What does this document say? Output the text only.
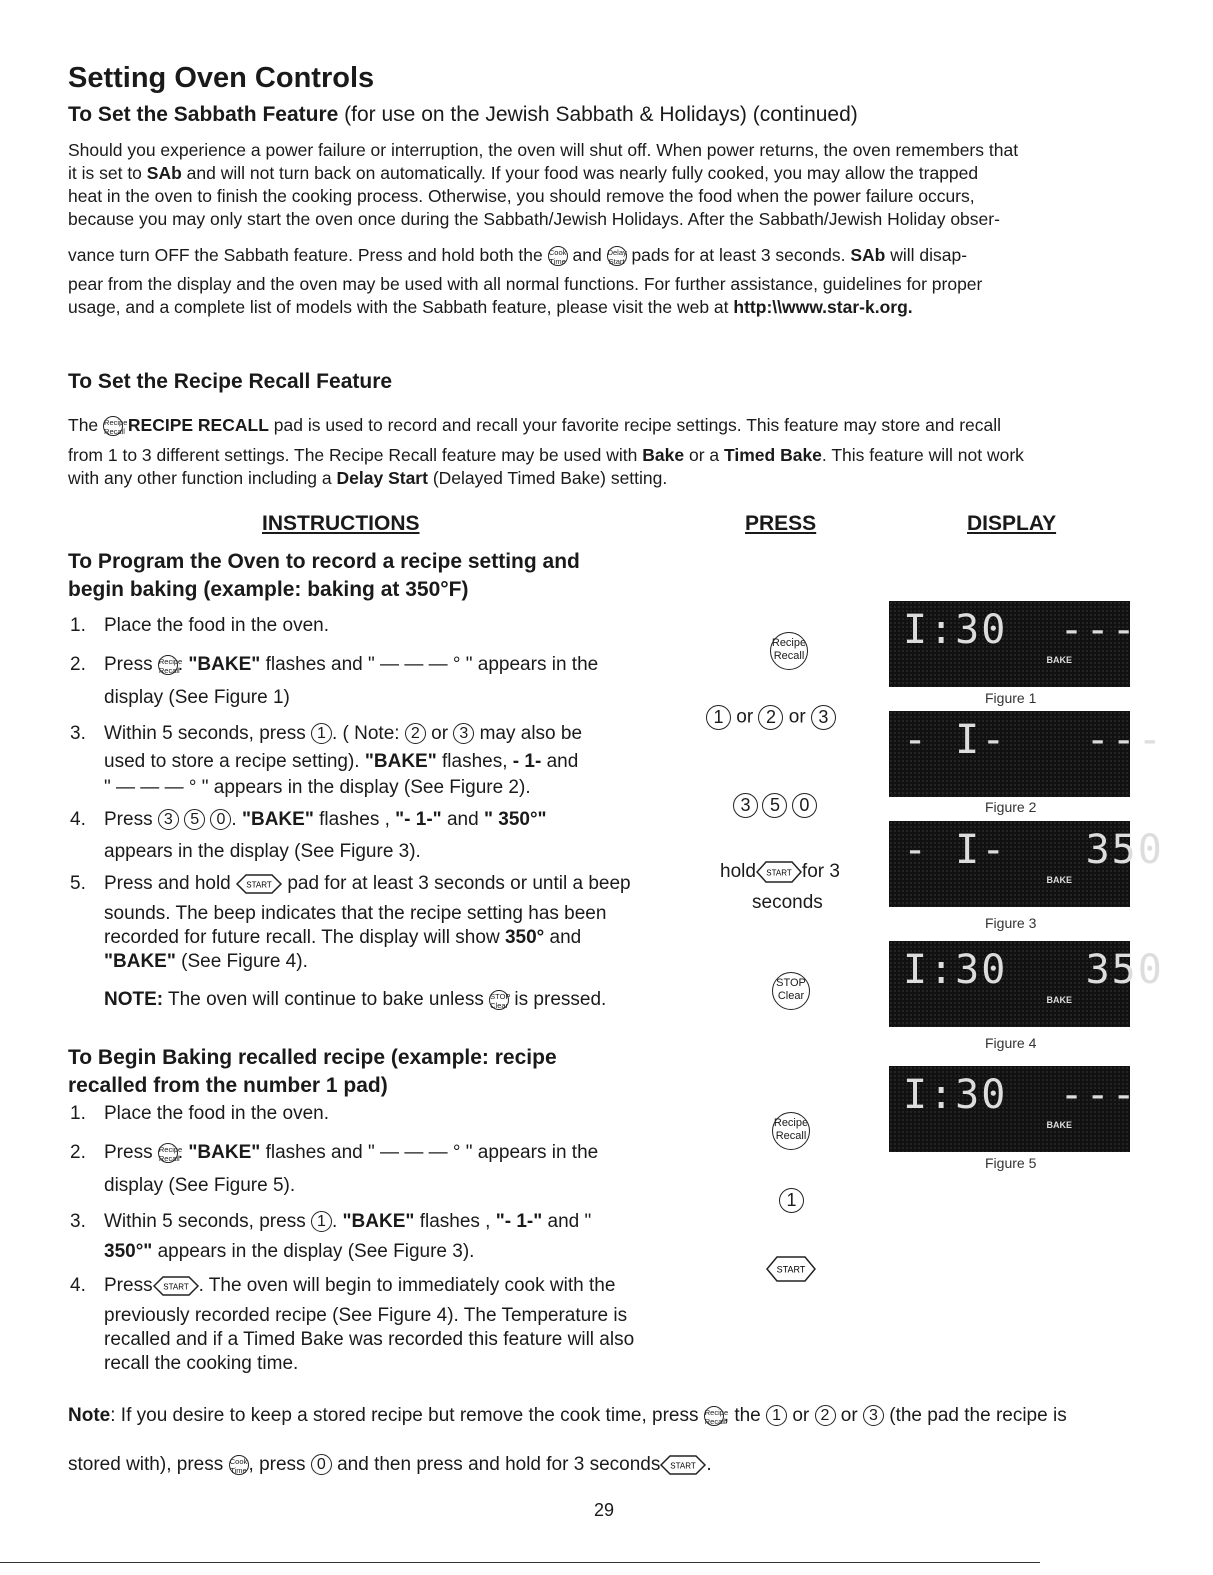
Setting Oven Controls
To Set the Sabbath Feature (for use on the Jewish Sabbath & Holidays) (continued)
Should you experience a power failure or interruption, the oven will shut off. When power returns, the oven remembers that
it is set to SAb and will not turn back on automatically. If your food was nearly fully cooked, you may allow the trapped
heat in the oven to finish the cooking process. Otherwise, you should remove the food when the power failure occurs,
because you may only start the oven once during the Sabbath/Jewish Holidays. After the Sabbath/Jewish Holiday obser-
vance turn OFF the Sabbath feature. Press and hold both the Cook
Time and Delay
Start pads for at least 3 seconds. SAb will disap-
pear from the display and the oven may be used with all normal functions. For further assistance, guidelines for proper
usage, and a complete list of models with the Sabbath feature, please visit the web at http:\\www.star-k.org.
To Set the Recipe Recall Feature
The Recipe
Recall RECIPE RECALL pad is used to record and recall your favorite recipe settings. This feature may store and recall
from 1 to 3 different settings. The Recipe Recall feature may be used with Bake or a Timed Bake. This feature will not work
with any other function including a Delay Start (Delayed Timed Bake) setting.
INSTRUCTIONS	PRESS	DISPLAY
To Program the Oven to record a recipe setting and
begin baking (example: baking at 350°F)
1. Place the food in the oven.
2. Press Recipe
Recall. "BAKE" flashes and " — — — ° " appears in the
display (See Figure 1)
3. Within 5 seconds, press 1 . ( Note: 2 or 3 may also be
used to store a recipe setting). "BAKE" flashes, - 1- and
" — — — ° " appears in the display (See Figure 2).
4. Press 3 5 0 . "BAKE" flashes , "- 1-" and " 350°"
appears in the display (See Figure 3).
5. Press and hold START pad for at least 3 seconds or until a beep
sounds. The beep indicates that the recipe setting has been
recorded for future recall. The display will show 350° and
"BAKE" (See Figure 4).
NOTE: The oven will continue to bake unless STOP
Clear is pressed.
To Begin Baking recalled recipe (example: recipe
recalled from the number 1 pad)
1. Place the food in the oven.
2. Press Recipe
Recall. "BAKE" flashes and " — — — ° " appears in the
display (See Figure 5).
3. Within 5 seconds, press 1 . "BAKE" flashes , "- 1-" and "
350°" appears in the display (See Figure 3).
4. Press START . The oven will begin to immediately cook with the
previously recorded recipe (See Figure 4). The Temperature is
recalled and if a Timed Bake was recorded this feature will also
recall the cooking time.
Recipe
Recall
1 or 2 or 3
3 5 0
hold START for 3
seconds
STOP
Clear
Recipe
Recall
1
START
I:30  ---
BAKE
Figure 1
- I-   ---
Figure 2
- I-   350
BAKE
Figure 3
I:30   350
BAKE
Figure 4
I:30  ---
BAKE
Figure 5
Note: If you desire to keep a stored recipe but remove the cook time, press Recipe
Recall, the 1 or 2 or 3 (the pad the recipe is
stored with), press Cook
Time, press 0 and then press and hold for 3 seconds START .
29
